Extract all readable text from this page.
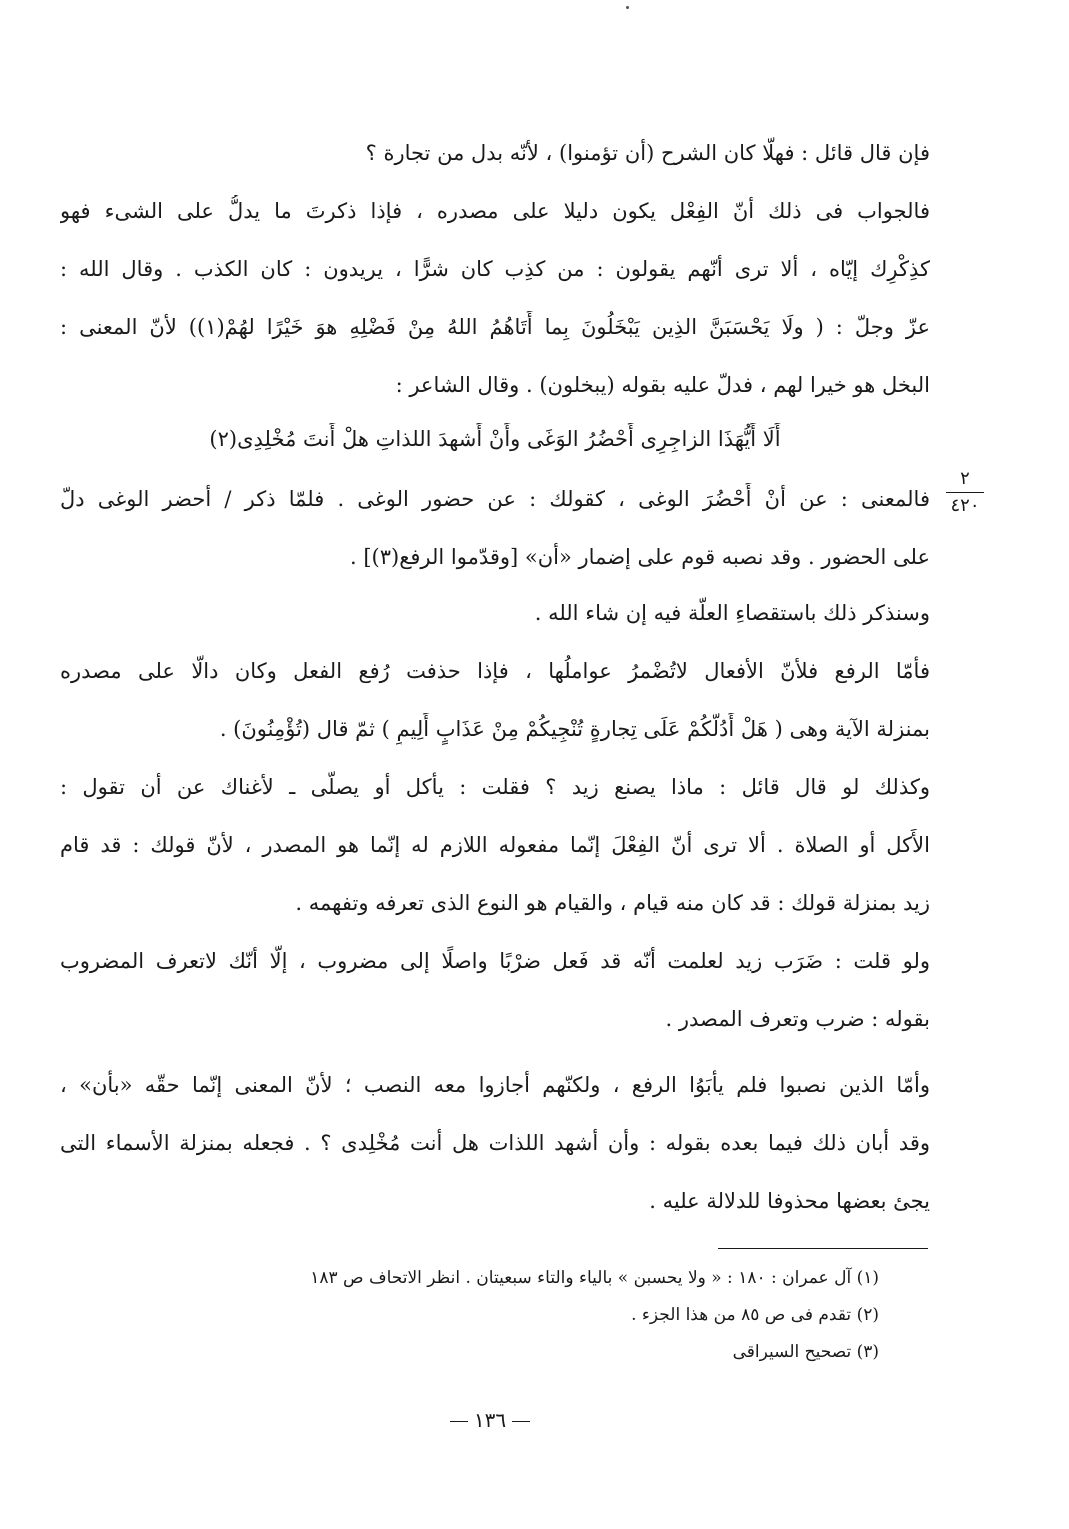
فإن قال قائل : فهلّا كان الشرح (أن تؤمنوا) ، لأنّه بدل من تجارة ؟
فالجواب فى ذلك أنّ الفِعْل يكون دليلا على مصدره ، فإذا ذكرتَ ما يدلُّ على الشىء فهو
كذِكْرِك إيّاه ، ألا ترى أنّهم يقولون : من كذِب كان شرًّا ، يريدون : كان الكذب . وقال الله :
عزّ وجلّ : ( ولَا يَحْسَبَنَّ الذِين يَبْخَلُونَ بِما أَتَاهُمُ اللهُ مِنْ فَضْلِهِ هوَ خَيْرًا لهُمْ(١)) لأنّ المعنى :
البخل هو خيرا لهم ، فدلّ عليه بقوله (يبخلون) . وقال الشاعر :
أَلَا أَيُّهَذَا الزاجِرِى أَحْضُرُ الوَغَى وأَنْ أَشهدَ اللذاتِ هلْ أَنتَ مُخْلِدِى(٢)
فالمعنى : عن أنْ أَحْضُرَ الوغى ، كقولك : عن حضور الوغى . فلمّا ذكر / أحضر الوغى دلّ
على الحضور . وقد نصبه قوم على إضمار «أن» [وقدّموا الرفع(٣)] .
وسنذكر ذلك باستقصاءِ العلّة فيه إن شاء الله .
فأمّا الرفع فلأنّ الأفعال لاتُضْمرُ عواملُها ، فإذا حذفت رُفع الفعل وكان دالّا على مصدره
بمنزلة الآية وهى ( هَلْ أَدُلُّكُمْ عَلَى تِجارةٍ تُنْجِيكُمْ مِنْ عَذَابٍ أَلِيمٍ ) ثمّ قال (تُؤْمِنُونَ) .
وكذلك لو قال قائل : ماذا يصنع زيد ؟ فقلت : يأْكل أو يصلّى ـ لأغناك عن أن تقول :
الأَكل أو الصلاة . ألا ترى أنّ الفِعْلَ إنّما مفعوله اللازم له إنّما هو المصدر ، لأنّ قولك : قد قام
زيد بمنزلة قولك : قد كان منه قيام ، والقيام هو النوع الذى تعرفه وتفهمه .
ولو قلت : ضَرَب زيد لعلمت أنّه قد فَعل ضرْبًا واصلًا إلى مضروب ، إلّا أنّك لاتعرف المضروب
بقوله : ضرب وتعرف المصدر .
وأمّا الذين نصبوا فلم يأْبَوُا الرفع ، ولكنّهم أجازوا معه النصب ؛ لأنّ المعنى إنّما حقّه «بأن» ،
وقد أبان ذلك فيما بعده بقوله : وأن أشهد اللذات هل أنت مُخْلِدى ؟ . فجعله بمنزلة الأسماء التى
يجئ بعضها محذوفا للدلالة عليه .
٢
٤٢٠
(١) آل عمران : ١٨٠ : « ولا يحسبن » بالياء والتاء سبعيتان . انظر الاتحاف ص ١٨٣
(٢) تقدم فى ص ٨٥ من هذا الجزء .
(٣) تصحيح السيراقى
١٣٦
